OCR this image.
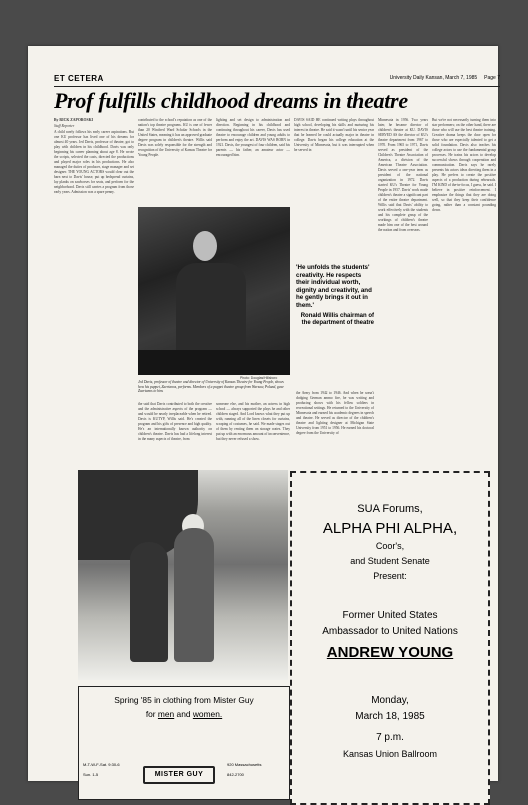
ET CETERA	University Daily Kansan, March 7, 1985 Page 7
Prof fulfills childhood dreams in theatre

By RICK ZAPOROSKI

Staff Reporter

A child rarely follows his early career aspirations. But one KU professor has lived one of his dreams for almost 40 years. Jed Davis, professor of theatre, got to play with children in his childhood. Davis was only beginning his career planning about age 8. He wrote the scripts, selected the casts, directed the productions and played major roles in his productions. He also managed the duties of producer, stage manager and set designer. THE YOUNG ACTORS would clear out the barn next to Davis' house, put up bedspread curtains, lay planks on sawhorses for seats, and perform for the neighborhood. Davis still carries a program from those early years. Admission was a spare penny.

contributed to the school's reputation as one of the nation's top theatre programs. KU is one of fewer than 20 Winifred Ward Scholar Schools in the United States, meaning it has an approved graduate degree program in children's theatre. Willis said Davis was solely responsible for the strength and recognition of the University of Kansas Theatre for Young People.

lighting and set design to administration and direction. Beginning in his childhood and continuing throughout his career, Davis has used theatre to encourage children and young adults to perform and enjoy the art. DAVIS WAS BORN in 1921. Davis, the youngest of four children, said his parents — his father, an amateur actor — encouraged him.

DAVIS SAID HE continued writing plays throughout high school, developing his skills and nurturing his interest in theatre. He said it wasn't until his senior year that he learned he could actually major in theatre in college. Davis began his college education at the University of Minnesota, but it was interrupted when he served in

Minnesota in 1956. Two years later, he became director of children's theatre at KU. DAVIS SERVED AS the director of KU's theatre department from 1967 to 1970. From 1965 to 1971, Davis served as president of the Children's Theatre Association of America, a division of the American Theatre Association. Davis served a one-year term as president of the national organization in 1972. Davis started KU's Theatre for Young People in 1957. Davis' work made children's theatre a significant part of the entire theatre department. Willis said that Davis' ability to work effectively with the students and his complete grasp of the workings of children's theatre made him one of the best around the nation and from overseas.

But we're not necessarily turning them into star performers; on the other hand, there are those who will use the best theatre training. Creative drama keeps the door open for those who are especially talented to get a solid foundation. Davis also teaches his college actors to use the fundamental group processes. He trains his actors to develop successful shows through cooperation and communication. Davis says he rarely presents his actors ideas directing them in a play. He prefers to create the positive aspects of a production during rehearsals. I'M KIND of the-in-focus, I guess, he said. I believe in positive reinforcement. I emphasize the things that they are doing well, so that they keep their confidence going, rather than a constant pounding down.

Photo: Douglas/Hillsboro
Jed Davis, professor of theatre and director of University of Kansas Theatre for Young People, shows how his puppet, Zaertanos, performs. Members of a puppet theatre group from Warsaw, Poland, gave Zaertanos to him.
'He unfolds the students' creativity. He respects their individual worth, dignity and creativity, and he gently brings it out in them.'
Ronald Willis chairman of the department of theatre

the Army from 1942 to 1946. And when he wasn't dodging German ammo fire, he was writing and producing shows with his fellow soldiers in recreational settings. He returned to the University of Minnesota and earned his academic degrees in speech and theatre. He served as director of the children's theatre and lighting designer at Michigan State University from 1951 to 1956. He earned his doctoral degree from the University of

the said that Davis contributed to both the creative and the administrative aspects of the program — and would be nearly irreplaceable when he retired. Davis is KUTYP, Willis said. He's created the program and his gifts of presence and high quality. He's an internationally known authority on children's theatre. Davis has had a lifelong interest in the many aspects of theatre, from

someone else, and his mother, an actress in high school — always supported the plays he and other children staged. And Lord knows what they put up with, running all of the linen closets for curtains, scraping of costumes, he said. We made stages out of them by renting them on storage crates. They put up with an enormous amount of inconvenience, but they never refused a show.

Spring '85 in clothing from Mister Guy
for men and women.
M-T-W-F-Sat. 9:30-6
Sun. 1-5	MISTER GUY
920 Massachusetts
842-2700
SUA Forums,
ALPHA PHI ALPHA,
Coor's,
and Student Senate
Present:
Former United States
Ambassador to United Nations
ANDREW YOUNG
Monday,
March 18, 1985
7 p.m.
Kansas Union Ballroom
